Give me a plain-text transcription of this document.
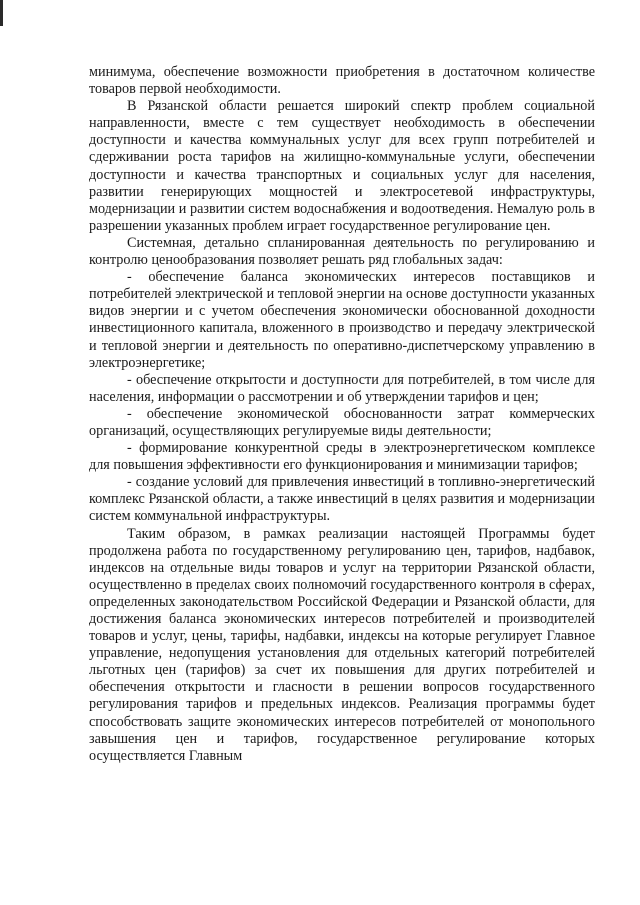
минимума, обеспечение возможности приобретения в достаточном количестве товаров первой необходимости.

В Рязанской области решается широкий спектр проблем социальной направленности, вместе с тем существует необходимость в обеспечении доступности и качества коммунальных услуг для всех групп потребителей и сдерживании роста тарифов на жилищно-коммунальные услуги, обеспечении доступности и качества транспортных и социальных услуг для населения, развитии генерирующих мощностей и электросетевой инфраструктуры, модернизации и развитии систем водоснабжения и водоотведения. Немалую роль в разрешении указанных проблем играет государственное регулирование цен.

Системная, детально спланированная деятельность по регулированию и контролю ценообразования позволяет решать ряд глобальных задач:

- обеспечение баланса экономических интересов поставщиков и потребителей электрической и тепловой энергии на основе доступности указанных видов энергии и с учетом обеспечения экономически обоснованной доходности инвестиционного капитала, вложенного в производство и передачу электрической и тепловой энергии и деятельность по оперативно-диспетчерскому управлению в электроэнергетике;

- обеспечение открытости и доступности для потребителей, в том числе для населения, информации о рассмотрении и об утверждении тарифов и цен;

- обеспечение экономической обоснованности затрат коммерческих организаций, осуществляющих регулируемые виды деятельности;

- формирование конкурентной среды в электроэнергетическом комплексе для повышения эффективности его функционирования и минимизации тарифов;

- создание условий для привлечения инвестиций в топливно-энергетический комплекс Рязанской области, а также инвестиций в целях развития и модернизации систем коммунальной инфраструктуры.

Таким образом, в рамках реализации настоящей Программы будет продолжена работа по государственному регулированию цен, тарифов, надбавок, индексов на отдельные виды товаров и услуг на территории Рязанской области, осуществленно в пределах своих полномочий государственного контроля в сферах, определенных законодательством Российской Федерации и Рязанской области, для достижения баланса экономических интересов потребителей и производителей товаров и услуг, цены, тарифы, надбавки, индексы на которые регулирует Главное управление, недопущения установления для отдельных категорий потребителей льготных цен (тарифов) за счет их повышения для других потребителей и обеспечения открытости и гласности в решении вопросов государственного регулирования тарифов и предельных индексов. Реализация программы будет способствовать защите экономических интересов потребителей от монопольного завышения цен и тарифов, государственное регулирование которых осуществляется Главным
